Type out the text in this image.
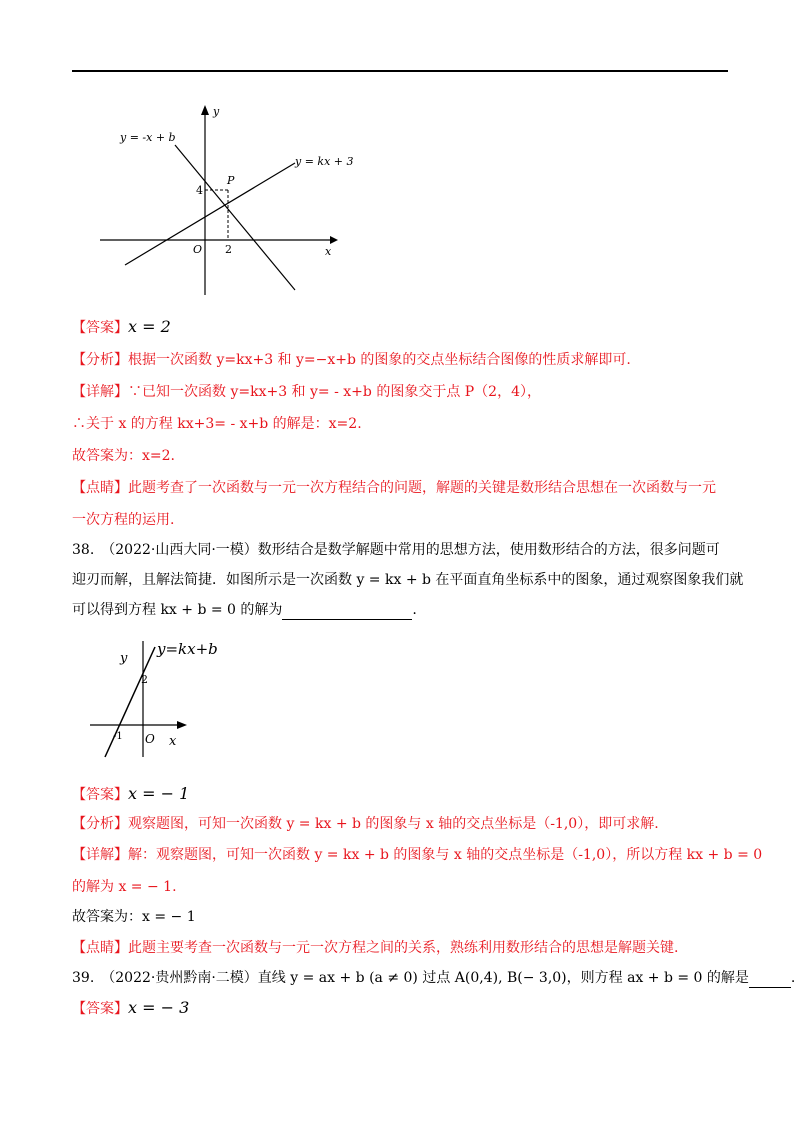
y = -x + b
y = kx + 3
y
x
P
O
4
2
【答案】x = 2
【分析】根据一次函数 y=kx+3 和 y=−x+b 的图象的交点坐标结合图像的性质求解即可.
【详解】∵已知一次函数 y=kx+3 和 y= - x+b 的图象交于点 P（2，4），
∴关于 x 的方程 kx+3= - x+b 的解是：x=2.
故答案为：x=2.
【点睛】此题考查了一次函数与一元一次方程结合的问题，解题的关键是数形结合思想在一次函数与一元
一次方程的运用.
38.　（2022·山西大同·一模）数形结合是数学解题中常用的思想方法，使用数形结合的方法，很多问题可
迎刃而解，且解法简捷．如图所示是一次函数 y = kx + b 在平面直角坐标系中的图象，通过观察图象我们就
可以得到方程 kx + b = 0 的解为	.
y=kx+b
y
x
O
2
-1
【答案】x = − 1
【分析】观察题图，可知一次函数 y = kx + b 的图象与 x 轴的交点坐标是（-1,0），即可求解.
【详解】解：观察题图，可知一次函数 y = kx + b 的图象与 x 轴的交点坐标是（-1,0），所以方程 kx + b = 0
的解为 x = − 1.
故答案为：x = − 1
【点睛】此题主要考查一次函数与一元一次方程之间的关系，熟练利用数形结合的思想是解题关键.
39.　（2022·贵州黔南·二模）直线 y = ax + b (a ≠ 0) 过点 A(0,4), B(− 3,0)，则方程 ax + b = 0 的解是	.
【答案】x = − 3
